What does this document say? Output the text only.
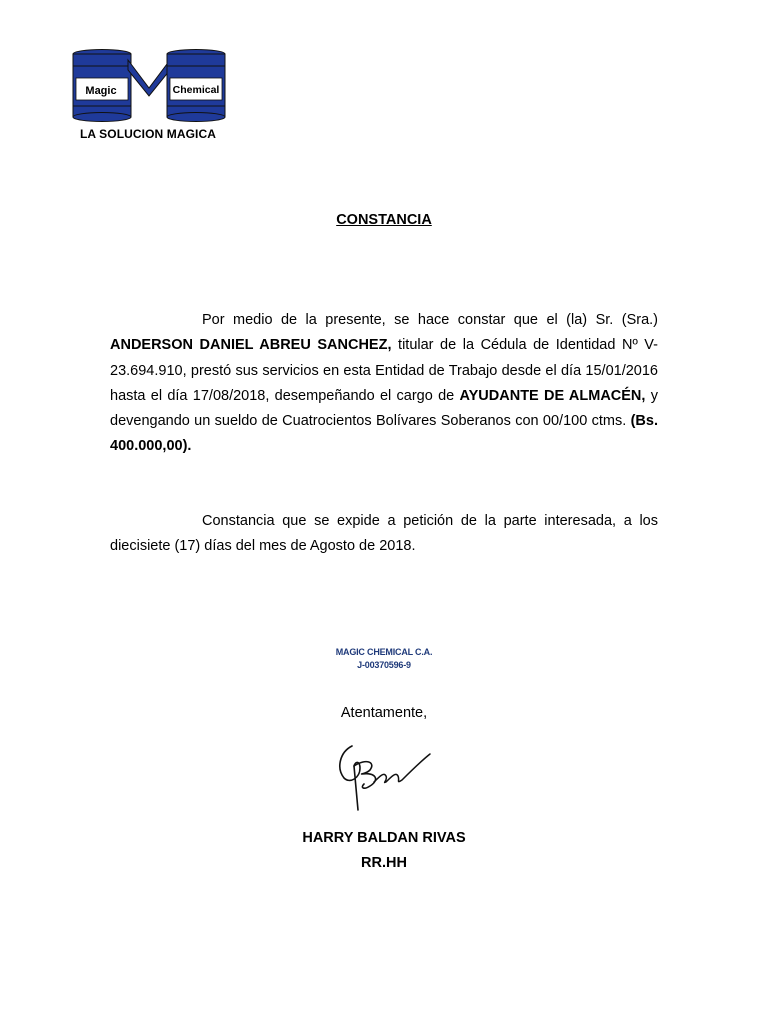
Magic	Chemical
LA SOLUCION MAGICA
CONSTANCIA
Por medio de la presente, se hace constar que el (la) Sr. (Sra.) ANDERSON DANIEL ABREU SANCHEZ, titular de la Cédula de Identidad Nº V- 23.694.910, prestó sus servicios en esta Entidad de Trabajo desde el día 15/01/2016 hasta el día 17/08/2018, desempeñando el cargo de AYUDANTE DE ALMACÉN, y devengando un sueldo de Cuatrocientos Bolívares Soberanos con 00/100 ctms. (Bs. 400.000,00).
Constancia que se expide a petición de la parte interesada, a los diecisiete (17) días del mes de Agosto de 2018.
MAGIC CHEMICAL C.A.
J-00370596-9
Atentamente,
HARRY BALDAN RIVAS
RR.HH
